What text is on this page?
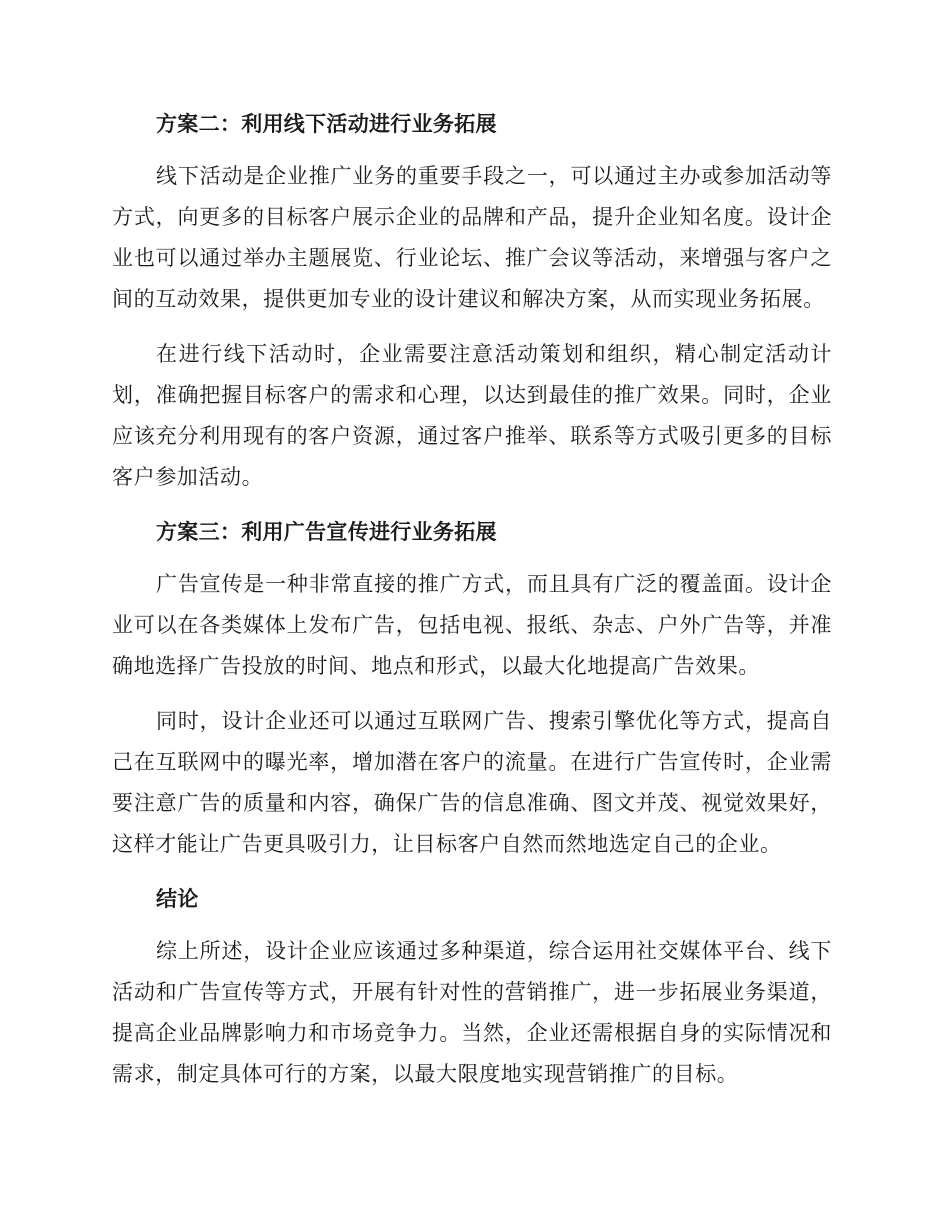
方案二：利用线下活动进行业务拓展

线下活动是企业推广业务的重要手段之一，可以通过主办或参加活动等方式，向更多的目标客户展示企业的品牌和产品，提升企业知名度。设计企业也可以通过举办主题展览、行业论坛、推广会议等活动，来增强与客户之间的互动效果，提供更加专业的设计建议和解决方案，从而实现业务拓展。

在进行线下活动时，企业需要注意活动策划和组织，精心制定活动计划，准确把握目标客户的需求和心理，以达到最佳的推广效果。同时，企业应该充分利用现有的客户资源，通过客户推举、联系等方式吸引更多的目标客户参加活动。

方案三：利用广告宣传进行业务拓展

广告宣传是一种非常直接的推广方式，而且具有广泛的覆盖面。设计企业可以在各类媒体上发布广告，包括电视、报纸、杂志、户外广告等，并准确地选择广告投放的时间、地点和形式，以最大化地提高广告效果。

同时，设计企业还可以通过互联网广告、搜索引擎优化等方式，提高自己在互联网中的曝光率，增加潜在客户的流量。在进行广告宣传时，企业需要注意广告的质量和内容，确保广告的信息准确、图文并茂、视觉效果好，这样才能让广告更具吸引力，让目标客户自然而然地选定自己的企业。

结论

综上所述，设计企业应该通过多种渠道，综合运用社交媒体平台、线下活动和广告宣传等方式，开展有针对性的营销推广，进一步拓展业务渠道，提高企业品牌影响力和市场竞争力。当然，企业还需根据自身的实际情况和需求，制定具体可行的方案，以最大限度地实现营销推广的目标。
